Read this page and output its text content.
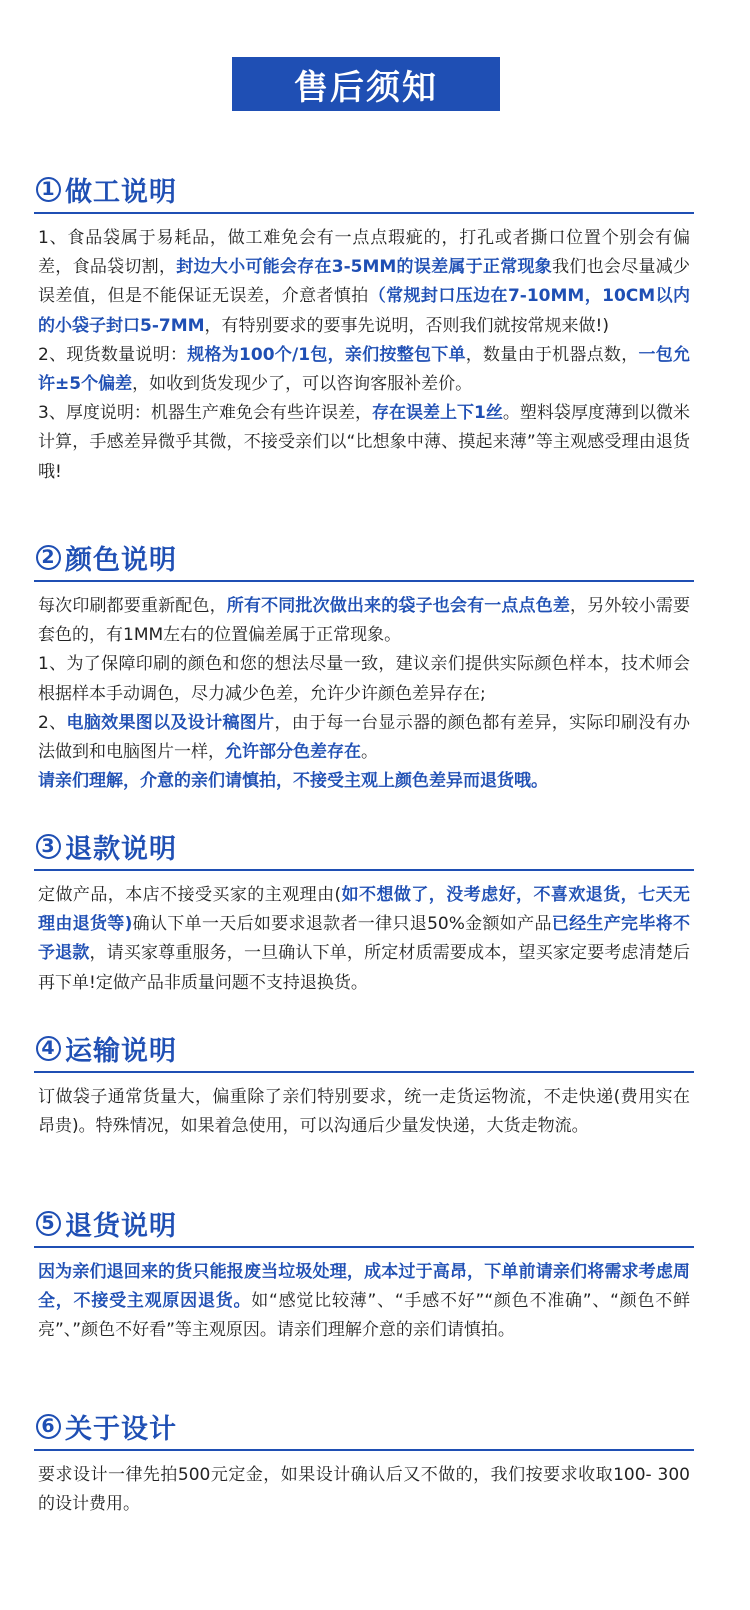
售后须知
1 做工说明

1、食品袋属于易耗品，做工难免会有一点点瑕疵的，打孔或者撕口位置个别会有偏差，食品袋切割，封边大小可能会存在3-5MM的误差属于正常现象我们也会尽量减少误差值，但是不能保证无误差，介意者慎拍（常规封口压边在7-10MM，10CM以内的小袋子封口5-7MM，有特别要求的要事先说明，否则我们就按常规来做!)

2、现货数量说明：规格为100个/1包，亲们按整包下单，数量由于机器点数，一包允许±5个偏差，如收到货发现少了，可以咨询客服补差价。

3、厚度说明：机器生产难免会有些许误差，存在误差上下1丝。塑料袋厚度薄到以微米计算，手感差异微乎其微，不接受亲们以“比想象中薄、摸起来薄”等主观感受理由退货哦!

2 颜色说明

每次印刷都要重新配色，所有不同批次做出来的袋子也会有一点点色差，另外较小需要套色的，有1MM左右的位置偏差属于正常现象。

1、为了保障印刷的颜色和您的想法尽量一致，建议亲们提供实际颜色样本，技术师会根据样本手动调色，尽力减少色差，允许少许颜色差异存在;

2、电脑效果图以及设计稿图片，由于每一台显示器的颜色都有差异，实际印刷没有办法做到和电脑图片一样，允许部分色差存在。

请亲们理解，介意的亲们请慎拍，不接受主观上颜色差异而退货哦。

3 退款说明

定做产品，本店不接受买家的主观理由(如不想做了，没考虑好，不喜欢退货，七天无理由退货等)确认下单一天后如要求退款者一律只退50%金额如产品已经生产完毕将不予退款，请买家尊重服务，一旦确认下单，所定材质需要成本，望买家定要考虑清楚后再下单!定做产品非质量问题不支持退换货。

4 运输说明

订做袋子通常货量大，偏重除了亲们特别要求，统一走货运物流，不走快递(费用实在昂贵)。特殊情况，如果着急使用，可以沟通后少量发快递，大货走物流。

5 退货说明

因为亲们退回来的货只能报废当垃圾处理，成本过于高昂，下单前请亲们将需求考虑周全，不接受主观原因退货。如“感觉比较薄”、“手感不好”“颜色不准确”、“颜色不鲜亮”、”颜色不好看”等主观原因。请亲们理解介意的亲们请慎拍。

6 关于设计

要求设计一律先拍500元定金，如果设计确认后又不做的，我们按要求收取100- 300的设计费用。
